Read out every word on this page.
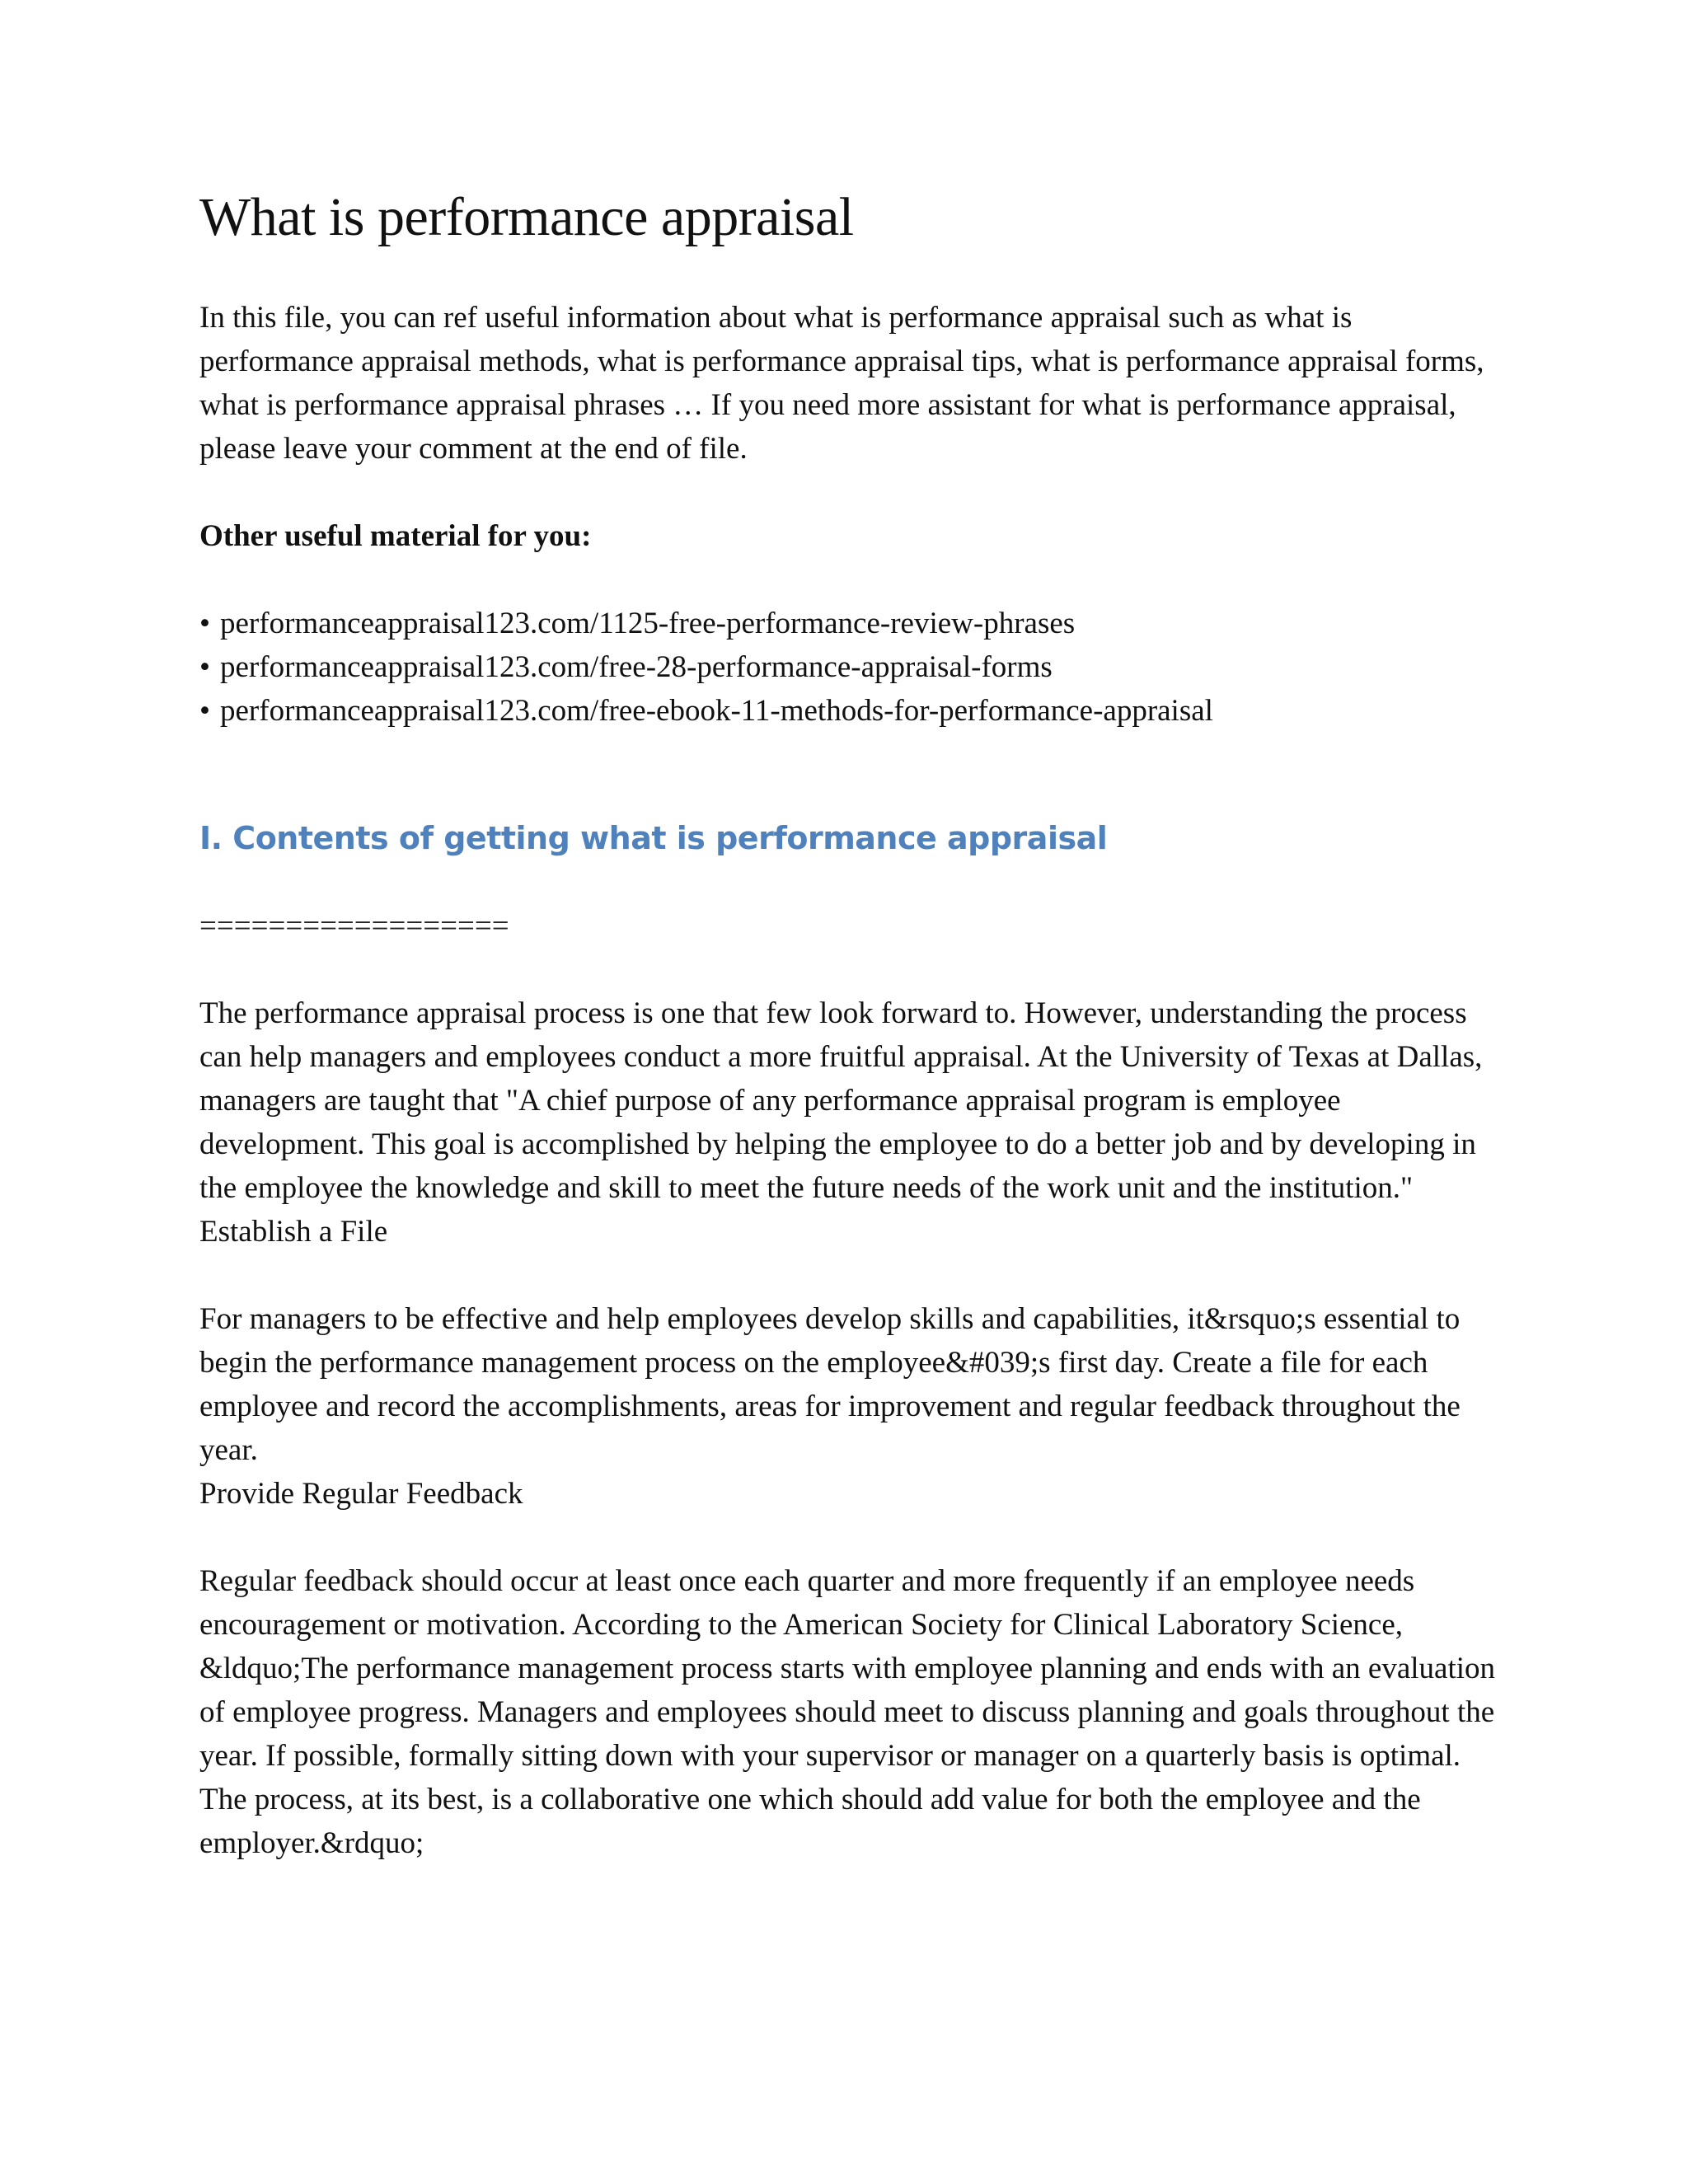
What is performance appraisal

In this file, you can ref useful information about what is performance appraisal such as what is performance appraisal methods, what is performance appraisal tips, what is performance appraisal forms, what is performance appraisal phrases … If you need more assistant for what is performance appraisal, please leave your comment at the end of file.

Other useful material for you:

• performanceappraisal123.com/1125-free-performance-review-phrases
• performanceappraisal123.com/free-28-performance-appraisal-forms
• performanceappraisal123.com/free-ebook-11-methods-for-performance-appraisal
I. Contents of getting what is performance appraisal

==================

The performance appraisal process is one that few look forward to. However, understanding the process can help managers and employees conduct a more fruitful appraisal. At the University of Texas at Dallas, managers are taught that "A chief purpose of any performance appraisal program is employee development. This goal is accomplished by helping the employee to do a better job and by developing in the employee the knowledge and skill to meet the future needs of the work unit and the institution."

Establish a File

For managers to be effective and help employees develop skills and capabilities, it&rsquo;s essential to begin the performance management process on the employee&#039;s first day. Create a file for each employee and record the accomplishments, areas for improvement and regular feedback throughout the year.

Provide Regular Feedback

Regular feedback should occur at least once each quarter and more frequently if an employee needs encouragement or motivation. According to the American Society for Clinical Laboratory Science, &ldquo;The performance management process starts with employee planning and ends with an evaluation of employee progress. Managers and employees should meet to discuss planning and goals throughout the year. If possible, formally sitting down with your supervisor or manager on a quarterly basis is optimal. The process, at its best, is a collaborative one which should add value for both the employee and the employer.&rdquo;
